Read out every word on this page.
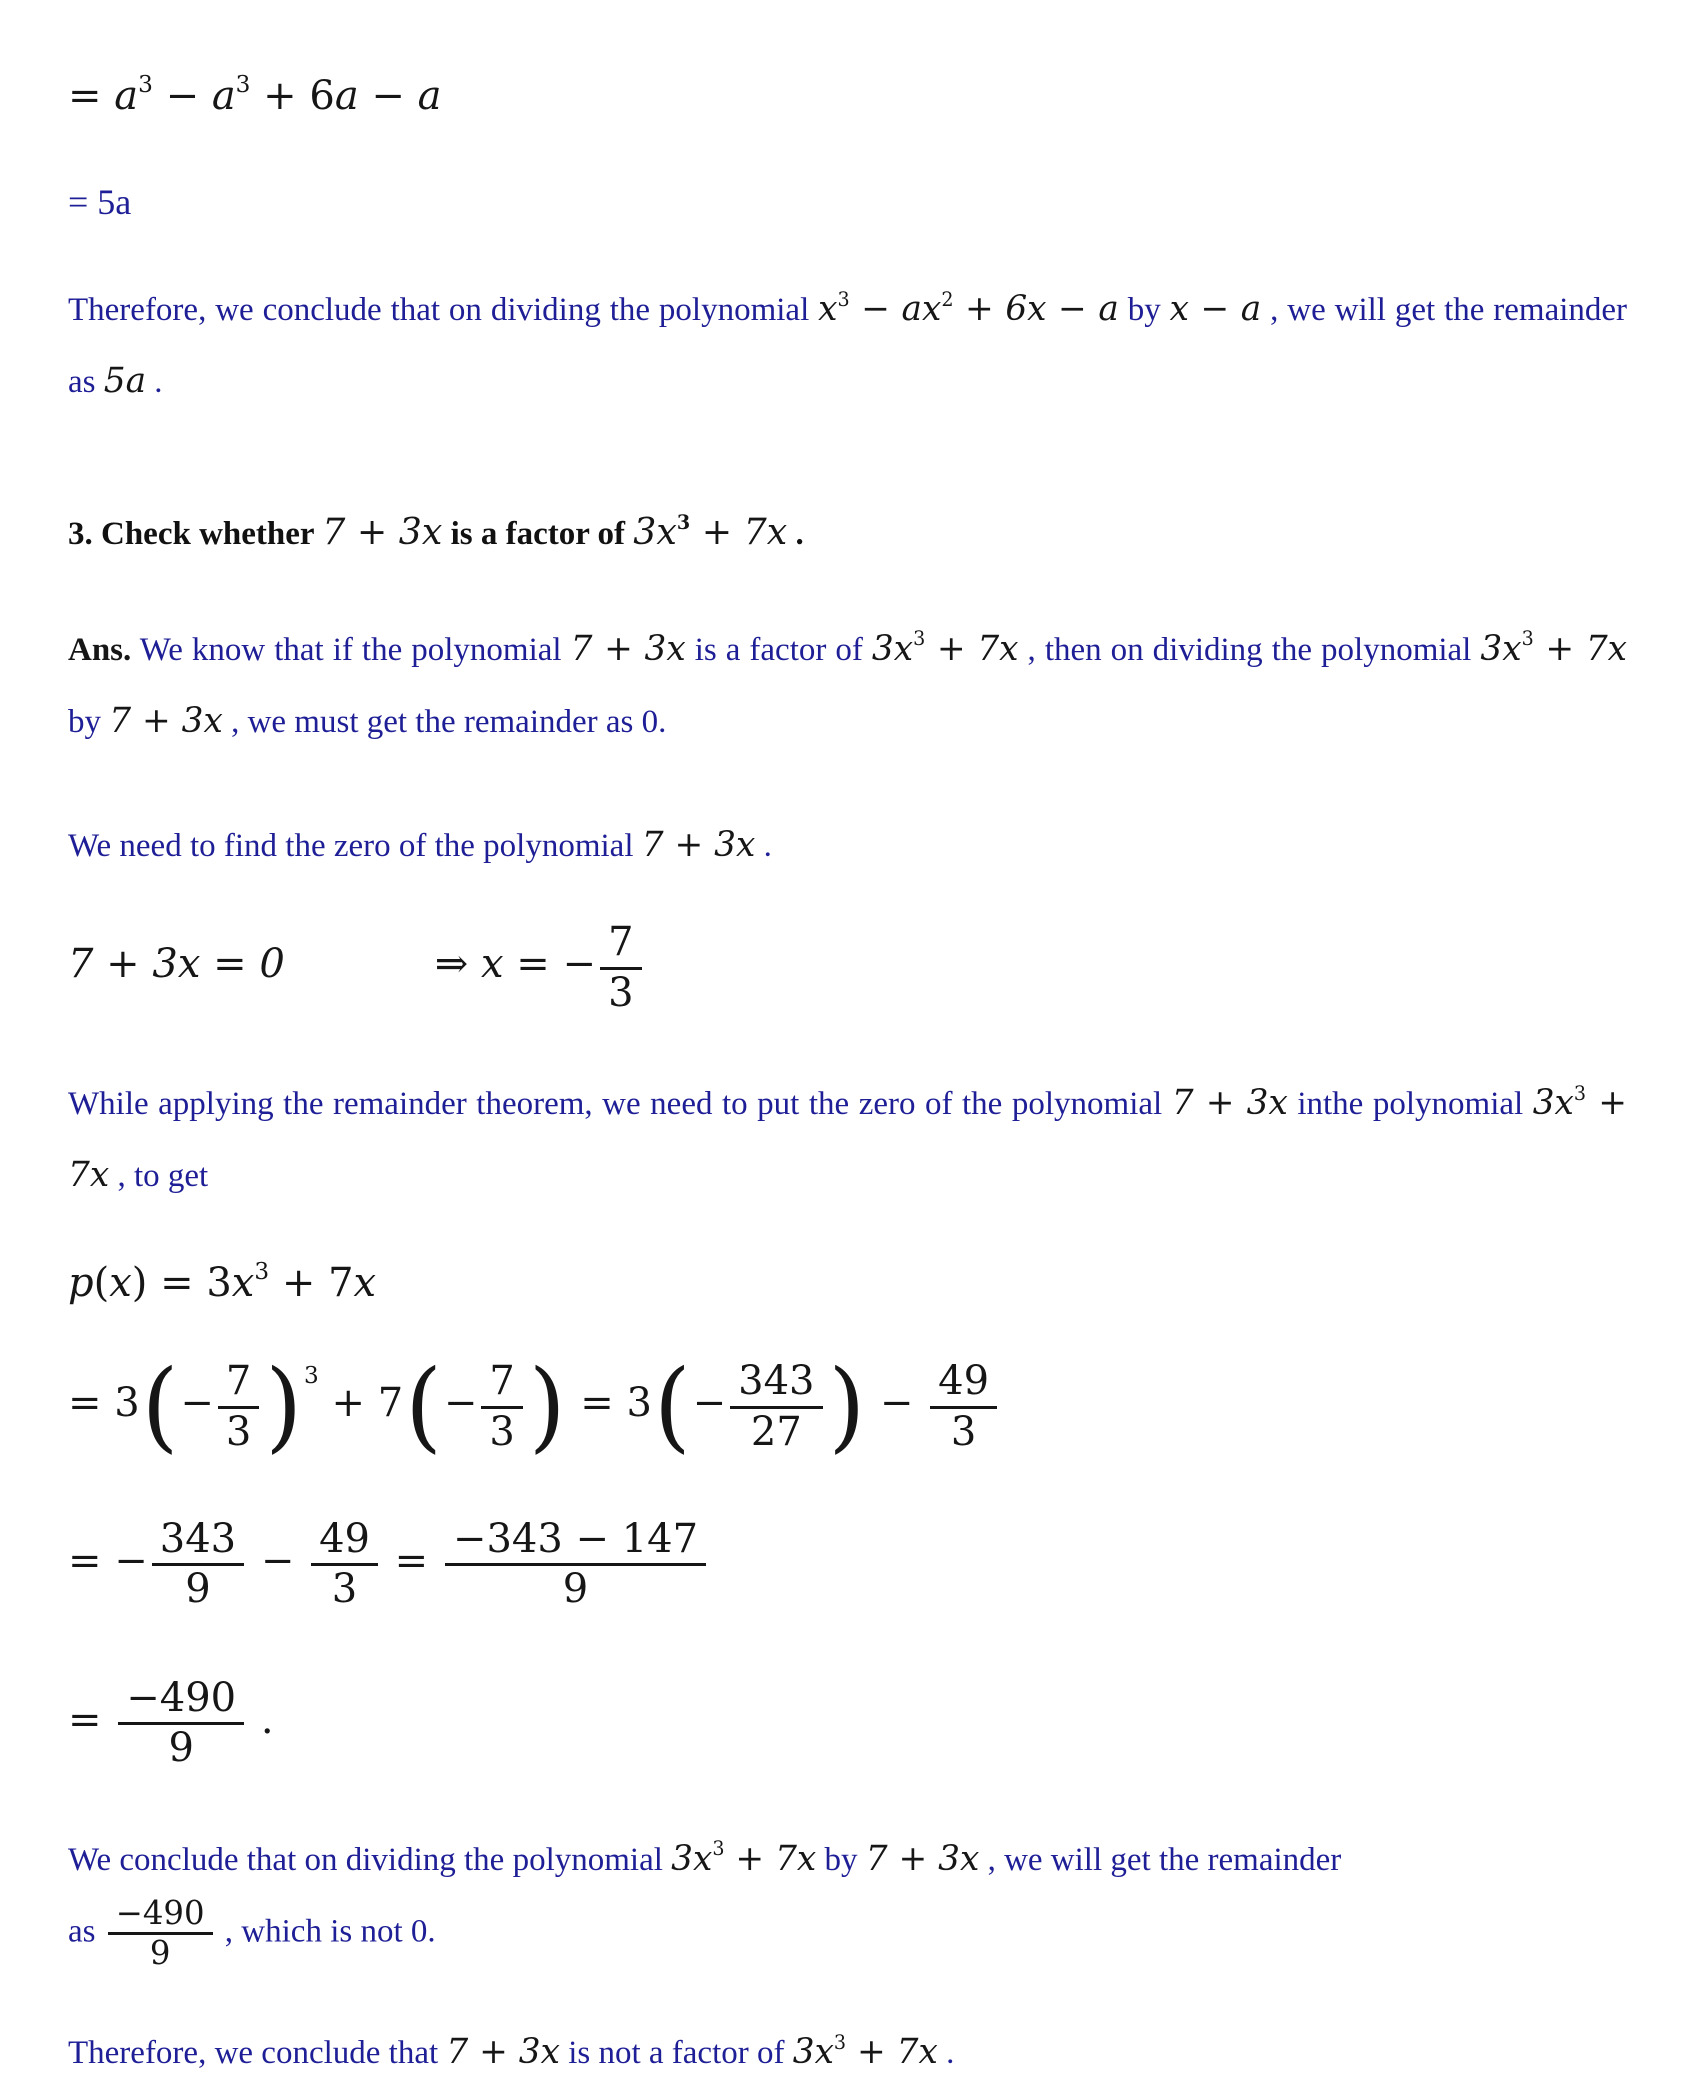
= $a^3 - a^3 + 6a - a$
= 5a

Therefore, we conclude that on dividing the polynomial $x^3 - ax^2 + 6x - a$ by x − a , we will get the remainder as 5a .

3. Check whether 7 + 3x is a factor of $3x^3 + 7x$ .

Ans. We know that if the polynomial 7 + 3x is a factor of $3x^3 + 7x$ , then on dividing the polynomial $3x^3 + 7x$ by 7 + 3x , we must get the remainder as 0.

We need to find the zero of the polynomial 7 + 3x .

7 + 3x = 0	⇒ x = − $\frac{7}{3}$

While applying the remainder theorem, we need to put the zero of the polynomial 7 + 3x inthe polynomial $3x^3 + 7x$ , to get

$p(x) = 3x^3 + 7x$
= $3(- \frac{7}{3} )^3 + 7(- \frac{7}{3}$ ) = $3(- \frac{343}{27}$ ) − $\frac{49}{3}$
= − $\frac{343}{9} - \frac{49}{3} = \frac{-343 - 147}{9}$
= $\frac{-490}{9}$ .

We conclude that on dividing the polynomial $3x^3 + 7x$ by 7 + 3x , we will get the remainder
as $\frac{-490}{9}$ , which is not 0.

Therefore, we conclude that 7 + 3x is not a factor of $3x^3 + 7x$ .
